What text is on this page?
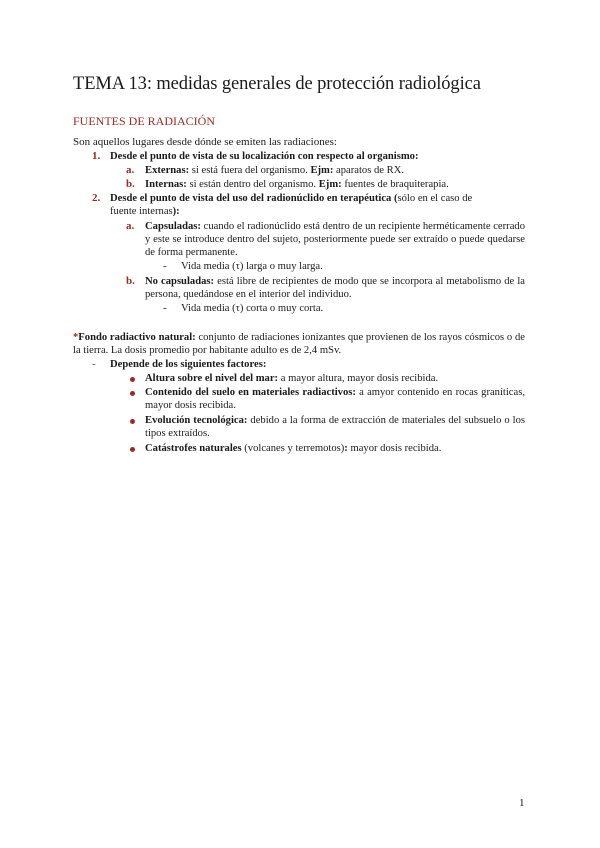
TEMA 13: medidas generales de protección radiológica
FUENTES DE RADIACIÓN
Son aquellos lugares desde dónde se emiten las radiaciones:
1. Desde el punto de vista de su localización con respecto al organismo:
a. Externas: si está fuera del organismo. Ejm: aparatos de RX.
b. Internas: si están dentro del organismo. Ejm: fuentes de braquiterapia.
2. Desde el punto de vista del uso del radionúclido en terapéutica (sólo en el caso de
fuente internas):
a. Capsuladas: cuando el radionúclido está dentro de un recipiente herméticamente cerrado y este se introduce dentro del sujeto, posteriormente puede ser extraído o puede quedarse de forma permanente.
- Vida media (τ) larga o muy larga.
b. No capsuladas: está libre de recipientes de modo que se incorpora al metabolismo de la persona, quedándose en el interior del individuo.
- Vida media (τ) corta o muy corta.
*Fondo radiactivo natural: conjunto de radiaciones ionizantes que provienen de los rayos cósmicos o de la tierra. La dosis promedio por habitante adulto es de 2,4 mSv.
- Depende de los siguientes factores:
Altura sobre el nivel del mar: a mayor altura, mayor dosis recibida.
Contenido del suelo en materiales radiactivos: a amyor contenido en rocas graníticas, mayor dosis recibida.
Evolución tecnológica: debido a la forma de extracción de materiales del subsuelo o los tipos extraídos.
Catástrofes naturales (volcanes y terremotos): mayor dosis recibida.
1
